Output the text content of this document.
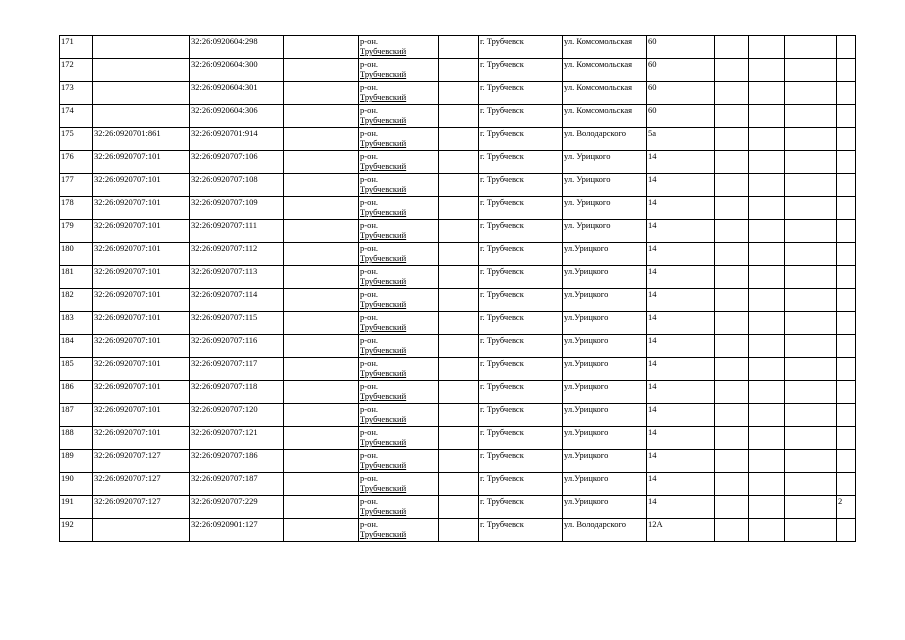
171		32:26:0920604:298		р-он.
Трубчевский		г. Трубчевск	ул. Комсомольская	60				
172		32:26:0920604:300		р-он.
Трубчевский		г. Трубчевск	ул. Комсомольская	60				
173		32:26:0920604:301		р-он.
Трубчевский		г. Трубчевск	ул. Комсомольская	60				
174		32:26:0920604:306		р-он.
Трубчевский		г. Трубчевск	ул. Комсомольская	60				
175	32:26:0920701:861	32:26:0920701:914		р-он.
Трубчевский		г. Трубчевск	ул. Володарского	5а				
176	32:26:0920707:101	32:26:0920707:106		р-он.
Трубчевский		г. Трубчевск	ул. Урицкого	14				
177	32:26:0920707:101	32:26:0920707:108		р-он.
Трубчевский		г. Трубчевск	ул. Урицкого	14				
178	32:26:0920707:101	32:26:0920707:109		р-он.
Трубчевский		г. Трубчевск	ул. Урицкого	14				
179	32:26:0920707:101	32:26:0920707:111		р-он.
Трубчевский		г. Трубчевск	ул. Урицкого	14				
180	32:26:0920707:101	32:26:0920707:112		р-он.
Трубчевский		г. Трубчевск	ул.Урицкого	14				
181	32:26:0920707:101	32:26:0920707:113		р-он.
Трубчевский		г. Трубчевск	ул.Урицкого	14				
182	32:26:0920707:101	32:26:0920707:114		р-он.
Трубчевский		г. Трубчевск	ул.Урицкого	14				
183	32:26:0920707:101	32:26:0920707:115		р-он.
Трубчевский		г. Трубчевск	ул.Урицкого	14				
184	32:26:0920707:101	32:26:0920707:116		р-он.
Трубчевский		г. Трубчевск	ул.Урицкого	14				
185	32:26:0920707:101	32:26:0920707:117		р-он.
Трубчевский		г. Трубчевск	ул.Урицкого	14				
186	32:26:0920707:101	32:26:0920707:118		р-он.
Трубчевский		г. Трубчевск	ул.Урицкого	14				
187	32:26:0920707:101	32:26:0920707:120		р-он.
Трубчевский		г. Трубчевск	ул.Урицкого	14				
188	32:26:0920707:101	32:26:0920707:121		р-он.
Трубчевский		г. Трубчевск	ул.Урицкого	14				
189	32:26:0920707:127	32:26:0920707:186		р-он.
Трубчевский		г. Трубчевск	ул.Урицкого	14				
190	32:26:0920707:127	32:26:0920707:187		р-он.
Трубчевский		г. Трубчевск	ул.Урицкого	14				
191	32:26:0920707:127	32:26:0920707:229		р-он.
Трубчевский		г. Трубчевск	ул.Урицкого	14				2
192		32:26:0920901:127		р-он.
Трубчевский		г. Трубчевск	ул. Володарского	12А				
